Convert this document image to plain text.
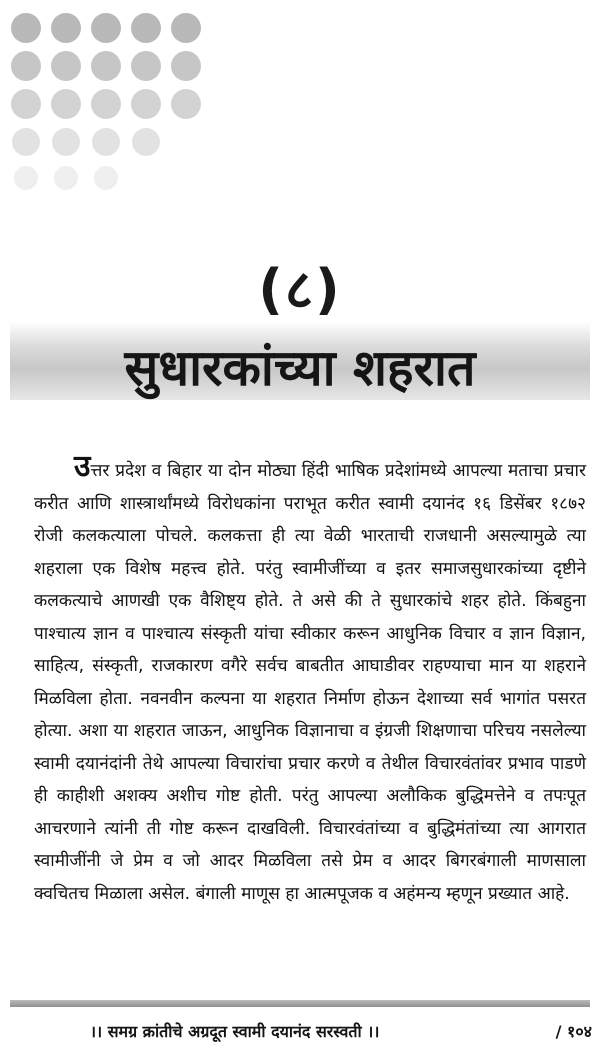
(८)
सुधारकांच्या शहरात
उत्तर प्रदेश व बिहार या दोन मोठ्या हिंदी भाषिक प्रदेशांमध्ये आपल्या मताचा प्रचार करीत आणि शास्त्रार्थांमध्ये विरोधकांना पराभूत करीत स्वामी दयानंद १६ डिसेंबर १८७२ रोजी कलकत्याला पोचले. कलकत्ता ही त्या वेळी भारताची राजधानी असल्यामुळे त्या शहराला एक विशेष महत्त्व होते. परंतु स्वामीजींच्या व इतर समाजसुधारकांच्या दृष्टीने कलकत्याचे आणखी एक वैशिष्ट्य होते. ते असे की ते सुधारकांचे शहर होते. किंबहुना पाश्चात्य ज्ञान व पाश्चात्य संस्कृती यांचा स्वीकार करून आधुनिक विचार व ज्ञान विज्ञान, साहित्य, संस्कृती, राजकारण वगैरे सर्वच बाबतीत आघाडीवर राहण्याचा मान या शहराने मिळविला होता. नवनवीन कल्पना या शहरात निर्माण होऊन देशाच्या सर्व भागांत पसरत होत्या. अशा या शहरात जाऊन, आधुनिक विज्ञानाचा व इंग्रजी शिक्षणाचा परिचय नसलेल्या स्वामी दयानंदांनी तेथे आपल्या विचारांचा प्रचार करणे व तेथील विचारवंतांवर प्रभाव पाडणे ही काहीशी अशक्य अशीच गोष्ट होती. परंतु आपल्या अलौकिक बुद्धिमत्तेने व तपःपूत आचरणाने त्यांनी ती गोष्ट करून दाखविली. विचारवंतांच्या व बुद्धिमंतांच्या त्या आगरात स्वामीजींनी जे प्रेम व जो आदर मिळविला तसे प्रेम व आदर बिगरबंगाली माणसाला क्वचितच मिळाला असेल. बंगाली माणूस हा आत्मपूजक व अहंमन्य म्हणून प्रख्यात आहे.
।। समग्र क्रांतीचे अग्रदूत स्वामी दयानंद सरस्वती ।।	/ १०४
